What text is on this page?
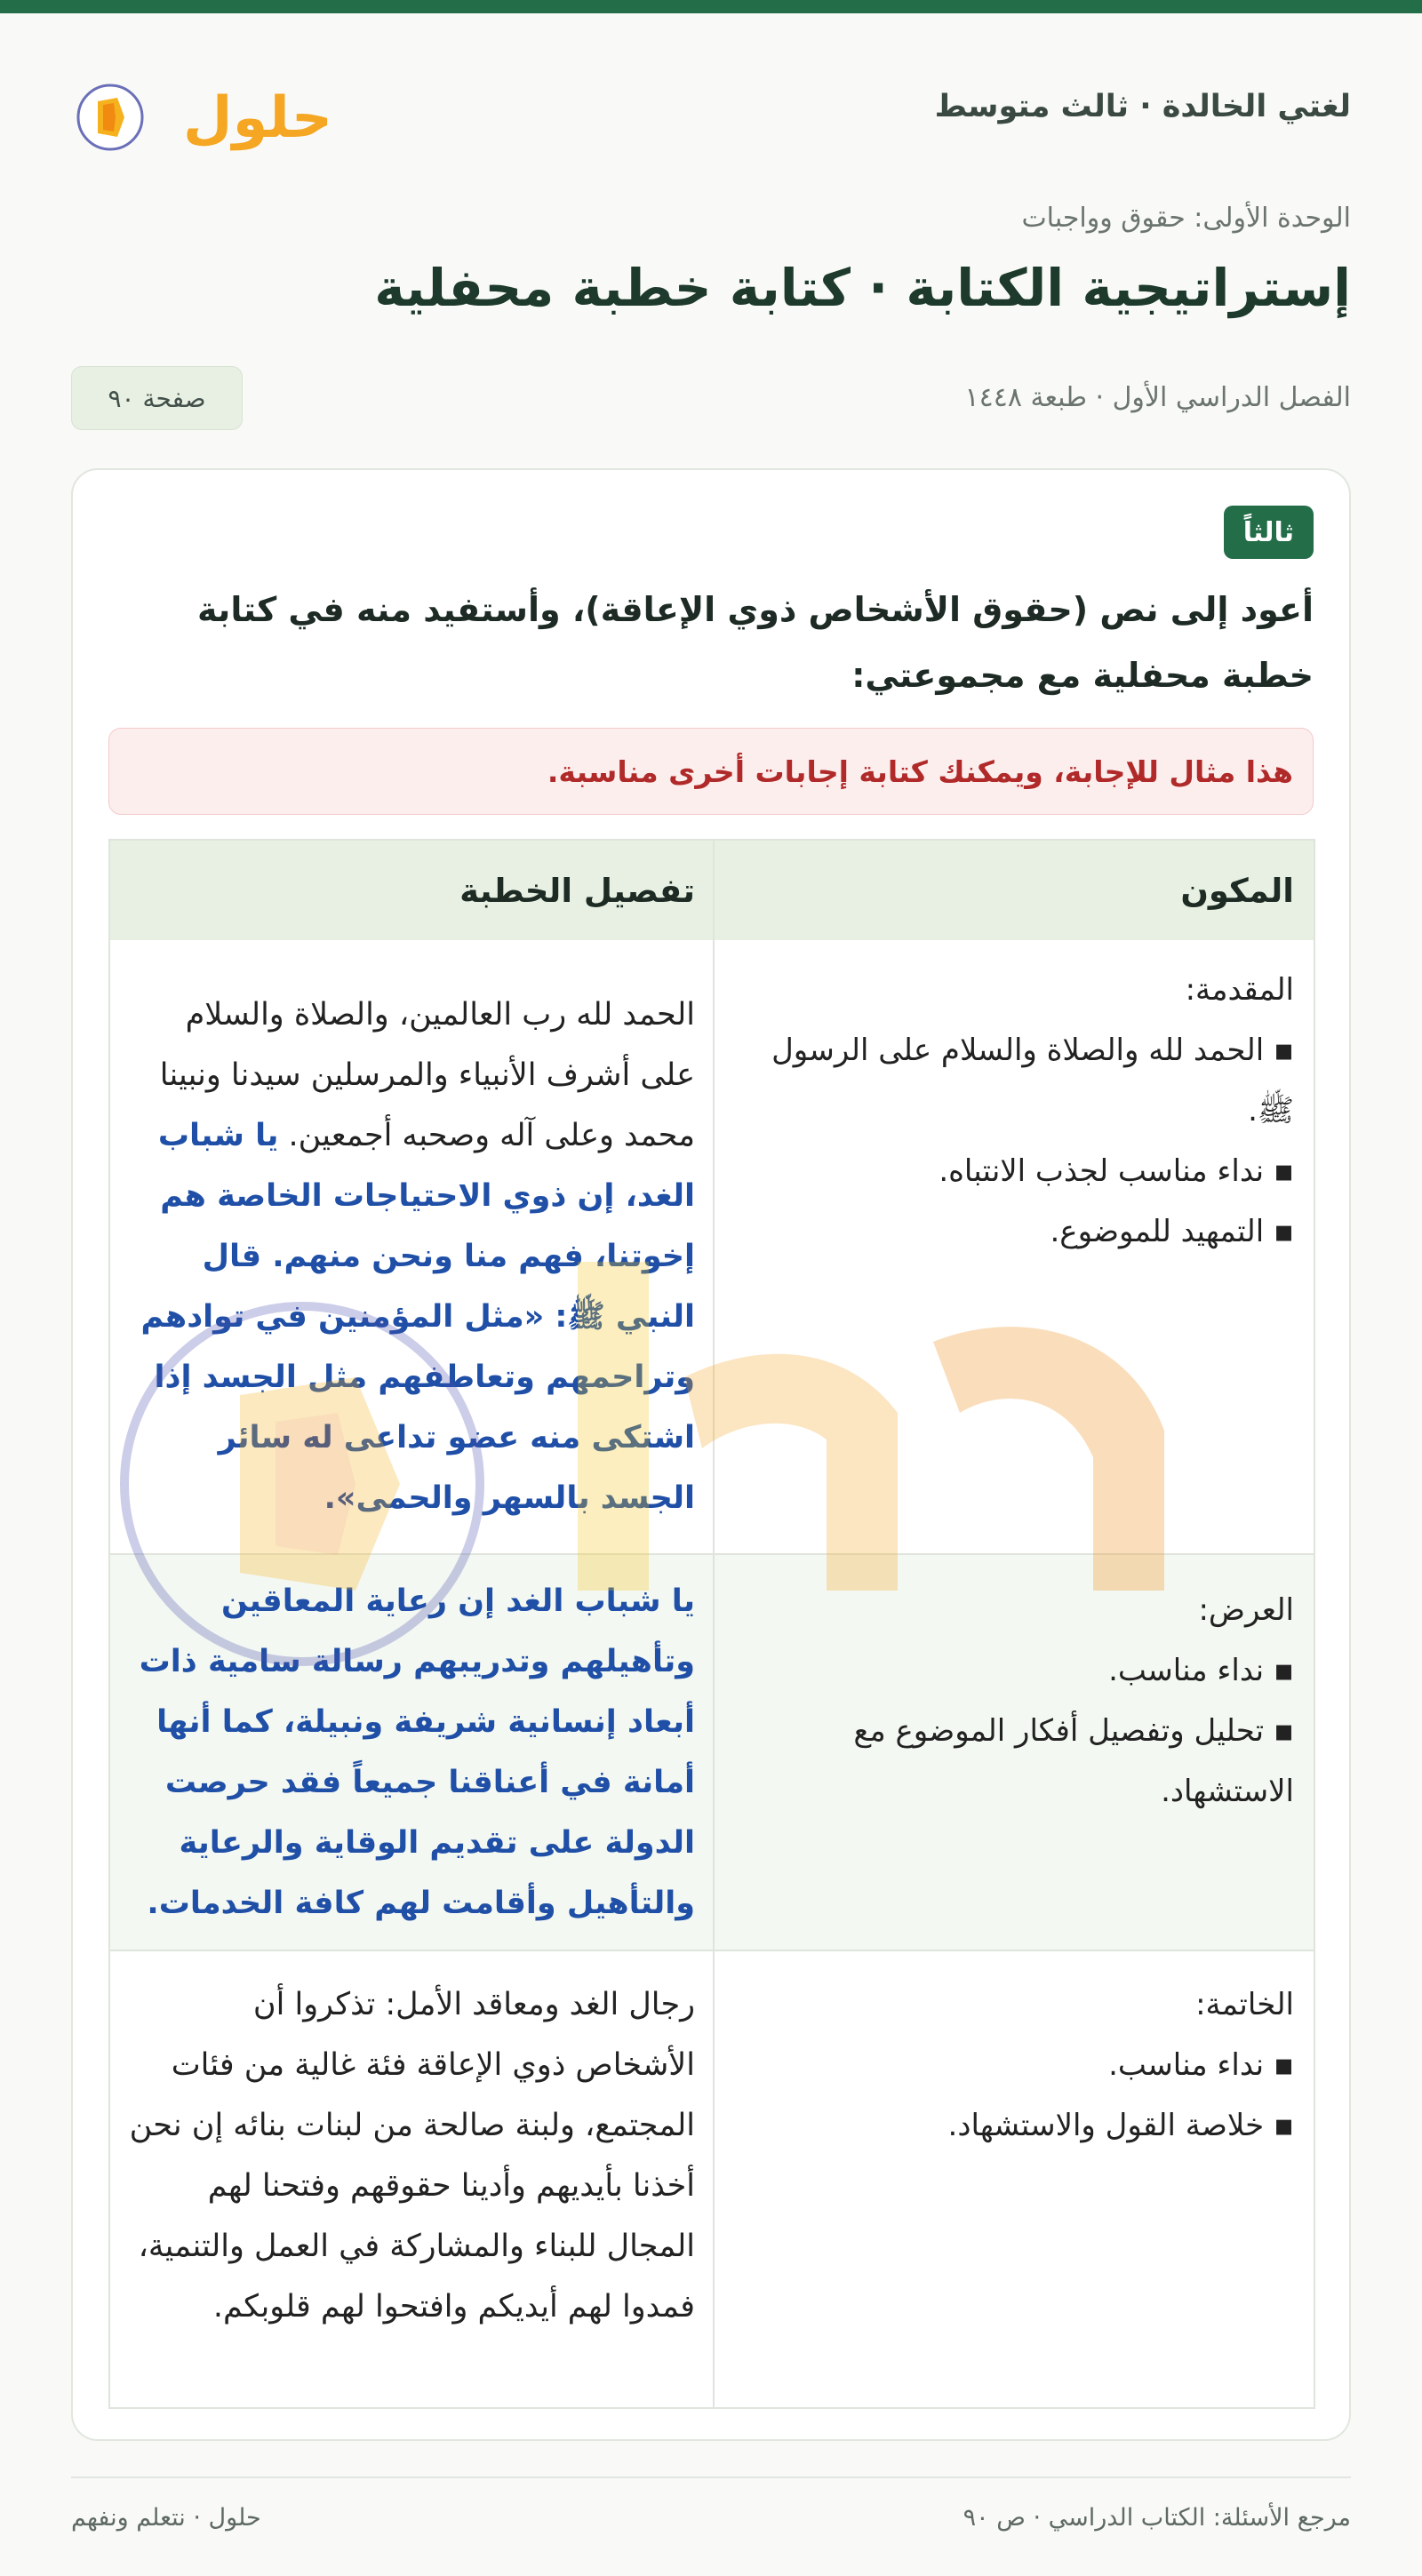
لغتي الخالدة · ثالث متوسط
حلول
الوحدة الأولى: حقوق وواجبات
إستراتيجية الكتابة · كتابة خطبة محفلية
الفصل الدراسي الأول · طبعة ١٤٤٨
صفحة ٩٠
ثالثاً
أعود إلى نص (حقوق الأشخاص ذوي الإعاقة)، وأستفيد منه في كتابة خطبة محفلية مع مجموعتي:
هذا مثال للإجابة، ويمكنك كتابة إجابات أخرى مناسبة.
المكون
تفصيل الخطبة
المقدمة:
▪ الحمد لله والصلاة والسلام على الرسول ﷺ.
▪ نداء مناسب لجذب الانتباه.
▪ التمهيد للموضوع.
الحمد لله رب العالمين، والصلاة والسلام على أشرف الأنبياء والمرسلين سيدنا ونبينا محمد وعلى آله وصحبه أجمعين. يا شباب الغد، إن ذوي الاحتياجات الخاصة هم إخوتنا، فهم منا ونحن منهم. قال النبي ﷺ: «مثل المؤمنين في توادهم وتراحمهم وتعاطفهم مثل الجسد إذا اشتكى منه عضو تداعى له سائر الجسد بالسهر والحمى».
العرض:
▪ نداء مناسب.
▪ تحليل وتفصيل أفكار الموضوع مع الاستشهاد.
يا شباب الغد إن رعاية المعاقين وتأهيلهم وتدريبهم رسالة سامية ذات أبعاد إنسانية شريفة ونبيلة، كما أنها أمانة في أعناقنا جميعاً فقد حرصت الدولة على تقديم الوقاية والرعاية والتأهيل وأقامت لهم كافة الخدمات.
الخاتمة:
▪ نداء مناسب.
▪ خلاصة القول والاستشهاد.
رجال الغد ومعاقد الأمل: تذكروا أن الأشخاص ذوي الإعاقة فئة غالية من فئات المجتمع، ولبنة صالحة من لبنات بنائه إن نحن أخذنا بأيديهم وأدينا حقوقهم وفتحنا لهم المجال للبناء والمشاركة في العمل والتنمية، فمدوا لهم أيديكم وافتحوا لهم قلوبكم.
مرجع الأسئلة: الكتاب الدراسي · ص ٩٠
حلول · نتعلم ونفهم
